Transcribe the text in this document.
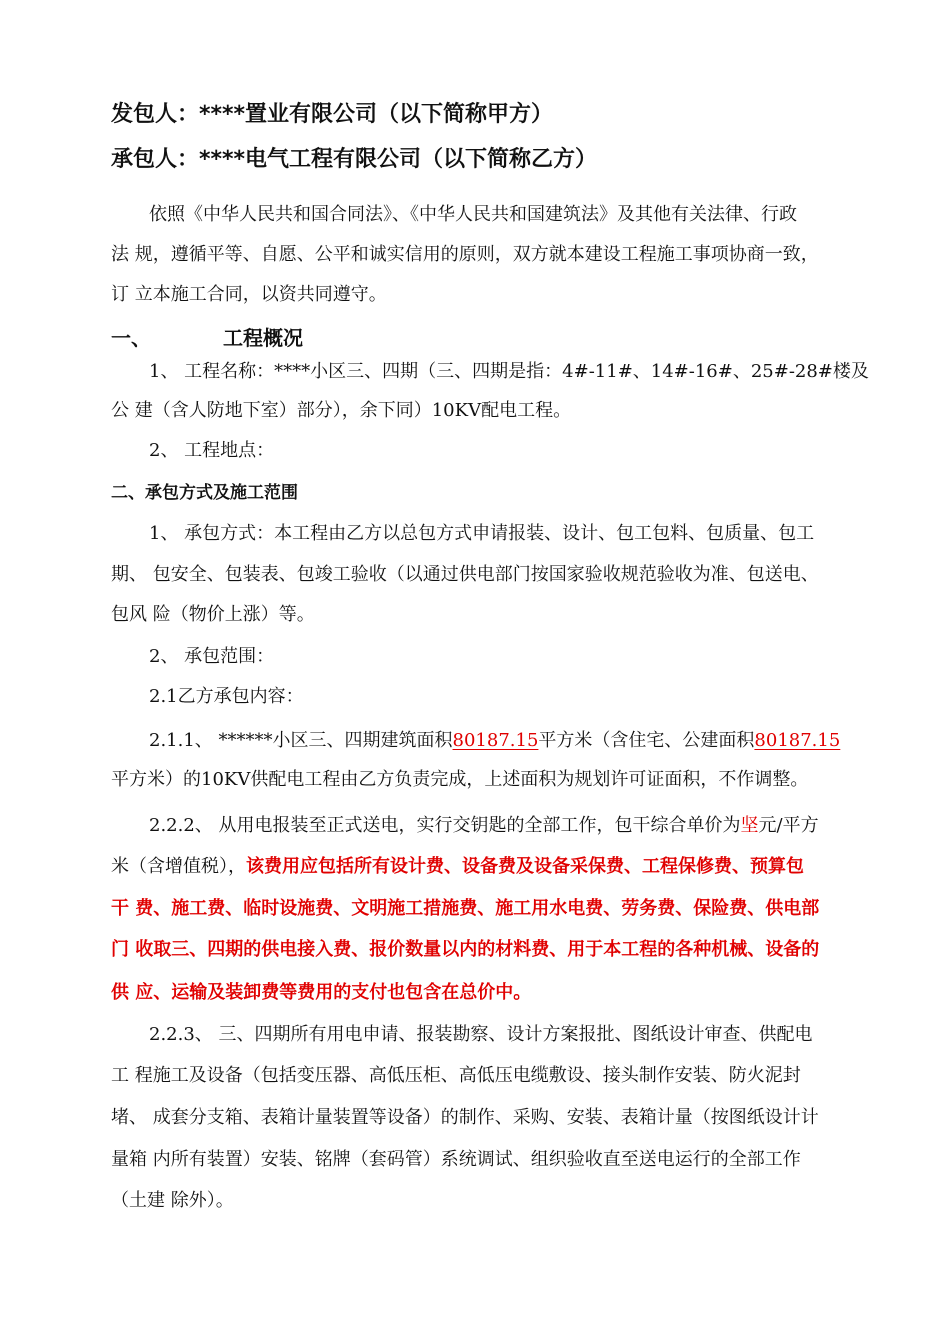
发包人：****置业有限公司（以下简称甲方）
承包人：****电气工程有限公司（以下简称乙方）
依照《中华人民共和国合同法》、《中华人民共和国建筑法》及其他有关法律、行政
法 规，遵循平等、自愿、公平和诚实信用的原则，双方就本建设工程施工事项协商一致，
订 立本施工合同，以资共同遵守。
一、	工程概况
1、 工程名称：****小区三、四期（三、四期是指：4#-11#、14#-16#、25#-28#楼及
公 建（含人防地下室）部分），余下同）10KV配电工程。
2、 工程地点：
二、承包方式及施工范围
1、 承包方式：本工程由乙方以总包方式申请报装、设计、包工包料、包质量、包工
期、 包安全、包装表、包竣工验收（以通过供电部门按国家验收规范验收为准、包送电、
包风 险（物价上涨）等。
2、 承包范围：
2.1乙方承包内容：
2.1.1、 ******小区三、四期建筑面积80187.15平方米（含住宅、公建面积80187.15
平方米）的10KV供配电工程由乙方负责完成，上述面积为规划许可证面积，不作调整。
2.2.2、 从用电报装至正式送电，实行交钥匙的全部工作，包干综合单价为坚元/平方
米（含增值税），该费用应包括所有设计费、设备费及设备采保费、工程保修费、预算包
干 费、施工费、临时设施费、文明施工措施费、施工用水电费、劳务费、保险费、供电部
门 收取三、四期的供电接入费、报价数量以内的材料费、用于本工程的各种机械、设备的
供 应、运输及装卸费等费用的支付也包含在总价中。
2.2.3、 三、四期所有用电申请、报装勘察、设计方案报批、图纸设计审查、供配电
工 程施工及设备（包括变压器、高低压柜、高低压电缆敷设、接头制作安装、防火泥封
堵、 成套分支箱、表箱计量装置等设备）的制作、采购、安装、表箱计量（按图纸设计计
量箱 内所有装置）安装、铭牌（套码管）系统调试、组织验收直至送电运行的全部工作
（土建 除外）。
